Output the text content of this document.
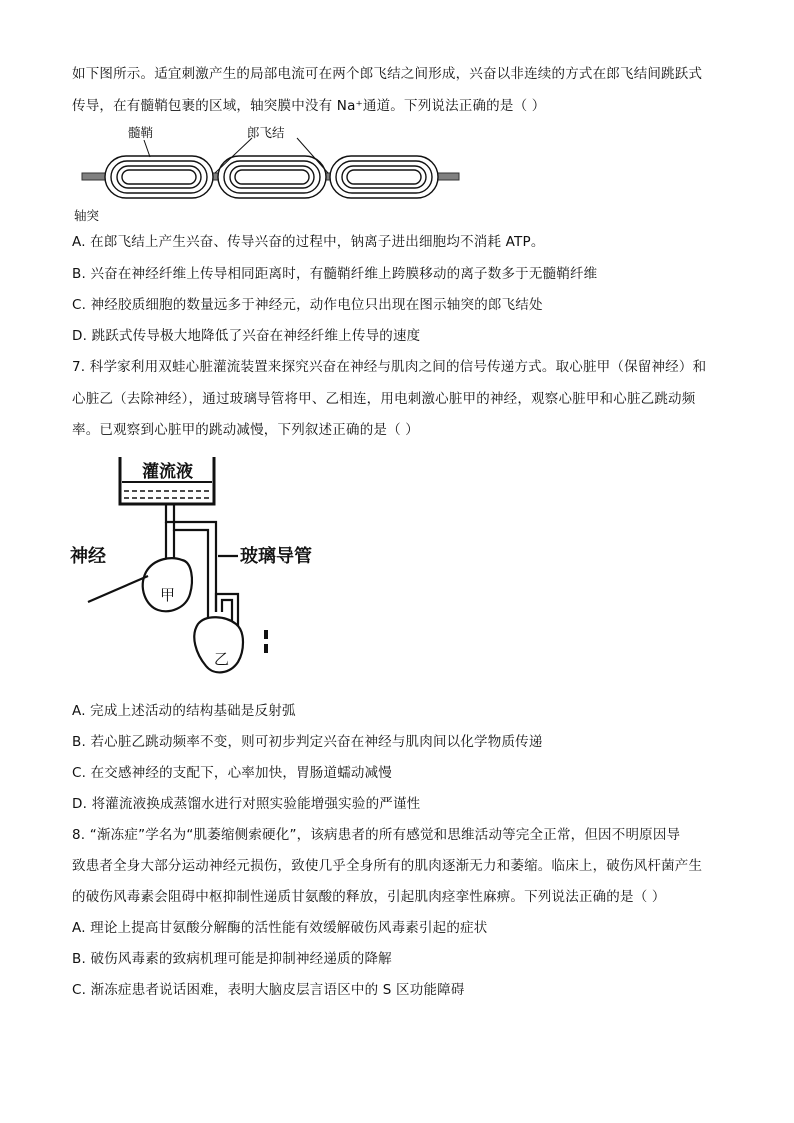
如下图所示。适宜刺激产生的局部电流可在两个郎飞结之间形成，兴奋以非连续的方式在郎飞结间跳跃式
传导，在有髓鞘包裹的区域，轴突膜中没有 Na⁺通道。下列说法正确的是（ ）
髓鞘	郎飞结
轴突
A. 在郎飞结上产生兴奋、传导兴奋的过程中，钠离子进出细胞均不消耗 ATP。
B. 兴奋在神经纤维上传导相同距离时，有髓鞘纤维上跨膜移动的离子数多于无髓鞘纤维
C. 神经胶质细胞的数量远多于神经元，动作电位只出现在图示轴突的郎飞结处
D. 跳跃式传导极大地降低了兴奋在神经纤维上传导的速度
7. 科学家利用双蛙心脏灌流装置来探究兴奋在神经与肌肉之间的信号传递方式。取心脏甲（保留神经）和
心脏乙（去除神经），通过玻璃导管将甲、乙相连，用电刺激心脏甲的神经，观察心脏甲和心脏乙跳动频
率。已观察到心脏甲的跳动减慢，下列叙述正确的是（ ）
灌流液
甲
神经	玻璃导管
乙
A. 完成上述活动的结构基础是反射弧
B. 若心脏乙跳动频率不变，则可初步判定兴奋在神经与肌肉间以化学物质传递
C. 在交感神经的支配下，心率加快，胃肠道蠕动减慢
D. 将灌流液换成蒸馏水进行对照实验能增强实验的严谨性
8. “渐冻症”学名为“肌萎缩侧索硬化”，该病患者的所有感觉和思维活动等完全正常，但因不明原因导
致患者全身大部分运动神经元损伤，致使几乎全身所有的肌肉逐渐无力和萎缩。临床上，破伤风杆菌产生
的破伤风毒素会阻碍中枢抑制性递质甘氨酸的释放，引起肌肉痉挛性麻痹。下列说法正确的是（ ）
A. 理论上提高甘氨酸分解酶的活性能有效缓解破伤风毒素引起的症状
B. 破伤风毒素的致病机理可能是抑制神经递质的降解
C. 渐冻症患者说话困难，表明大脑皮层言语区中的 S 区功能障碍
